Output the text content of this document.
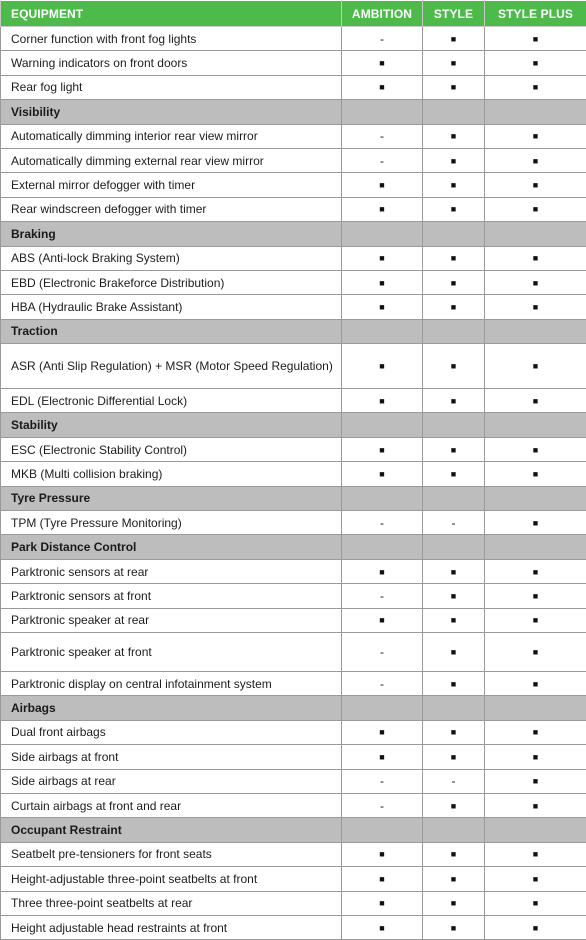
EQUIPMENT	AMBITION	STYLE	STYLE PLUS
Corner function with front fog lights	-	■	■
Warning indicators on front doors	■	■	■
Rear fog light	■	■	■
Visibility			
Automatically dimming interior rear view mirror	-	■	■
Automatically dimming external rear view mirror	-	■	■
External mirror defogger with timer	■	■	■
Rear windscreen defogger with timer	■	■	■
Braking			
ABS (Anti-lock Braking System)	■	■	■
EBD (Electronic Brakeforce Distribution)	■	■	■
HBA (Hydraulic Brake Assistant)	■	■	■
Traction			
ASR (Anti Slip Regulation) + MSR (Motor Speed Regulation)	■	■	■
EDL (Electronic Differential Lock)	■	■	■
Stability			
ESC (Electronic Stability Control)	■	■	■
MKB (Multi collision braking)	■	■	■
Tyre Pressure			
TPM (Tyre Pressure Monitoring)	-	-	■
Park Distance Control			
Parktronic sensors at rear	■	■	■
Parktronic sensors at front	-	■	■
Parktronic speaker at rear	■	■	■
Parktronic speaker at front	-	■	■
Parktronic display on central infotainment system	-	■	■
Airbags			
Dual front airbags	■	■	■
Side airbags at front	■	■	■
Side airbags at rear	-	-	■
Curtain airbags at front and rear	-	■	■
Occupant Restraint			
Seatbelt pre-tensioners for front seats	■	■	■
Height-adjustable three-point seatbelts at front	■	■	■
Three three-point seatbelts at rear	■	■	■
Height adjustable head restraints at front	■	■	■
